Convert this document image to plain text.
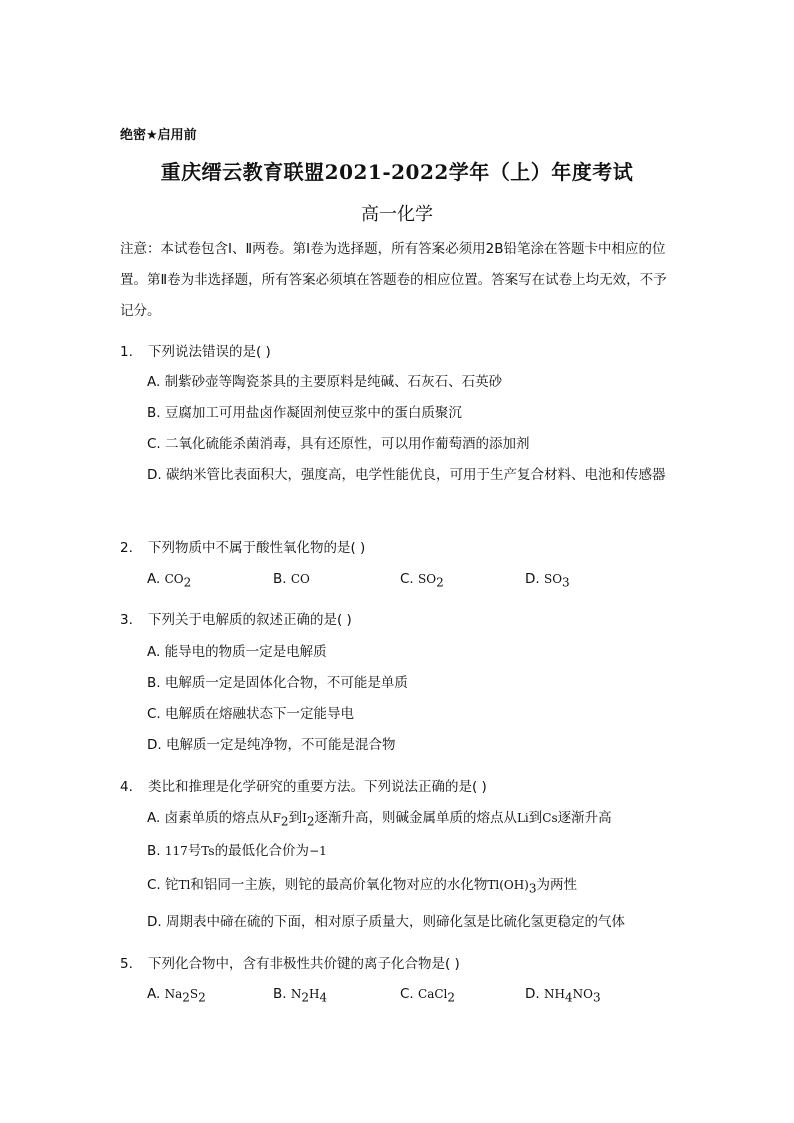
绝密★启用前
重庆缙云教育联盟2021-2022学年（上）年度考试
高一化学
注意：本试卷包含Ⅰ、Ⅱ两卷。第Ⅰ卷为选择题，所有答案必须用2B铅笔涂在答题卡中相应的位置。第Ⅱ卷为非选择题，所有答案必须填在答题卷的相应位置。答案写在试卷上均无效，不予记分。
1. 下列说法错误的是( )
A. 制紫砂壶等陶瓷茶具的主要原料是纯碱、石灰石、石英砂
B. 豆腐加工可用盐卤作凝固剂使豆浆中的蛋白质聚沉
C. 二氧化硫能杀菌消毒，具有还原性，可以用作葡萄酒的添加剂
D. 碳纳米管比表面积大，强度高，电学性能优良，可用于生产复合材料、电池和传感器
2. 下列物质中不属于酸性氧化物的是( )
A. $CO_2$	B. CO	C. $SO_2$	D. $SO_3$
3. 下列关于电解质的叙述正确的是( )
A. 能导电的物质一定是电解质
B. 电解质一定是固体化合物，不可能是单质
C. 电解质在熔融状态下一定能导电
D. 电解质一定是纯净物，不可能是混合物
4. 类比和推理是化学研究的重要方法。下列说法正确的是( )
A. 卤素单质的熔点从$F_2$到$I_2$逐渐升高，则碱金属单质的熔点从Li到Cs逐渐升高
B. 117号Ts的最低化合价为−1
C. 铊Tl和铝同一主族，则铊的最高价氧化物对应的水化物$Tl(OH)_3$为两性
D. 周期表中碲在硫的下面，相对原子质量大，则碲化氢是比硫化氢更稳定的气体
5. 下列化合物中，含有非极性共价键的离子化合物是( )
A. $Na_2S_2$	B. $N_2H_4$	C. CaCl$_2$	D. $NH_4NO_3$
